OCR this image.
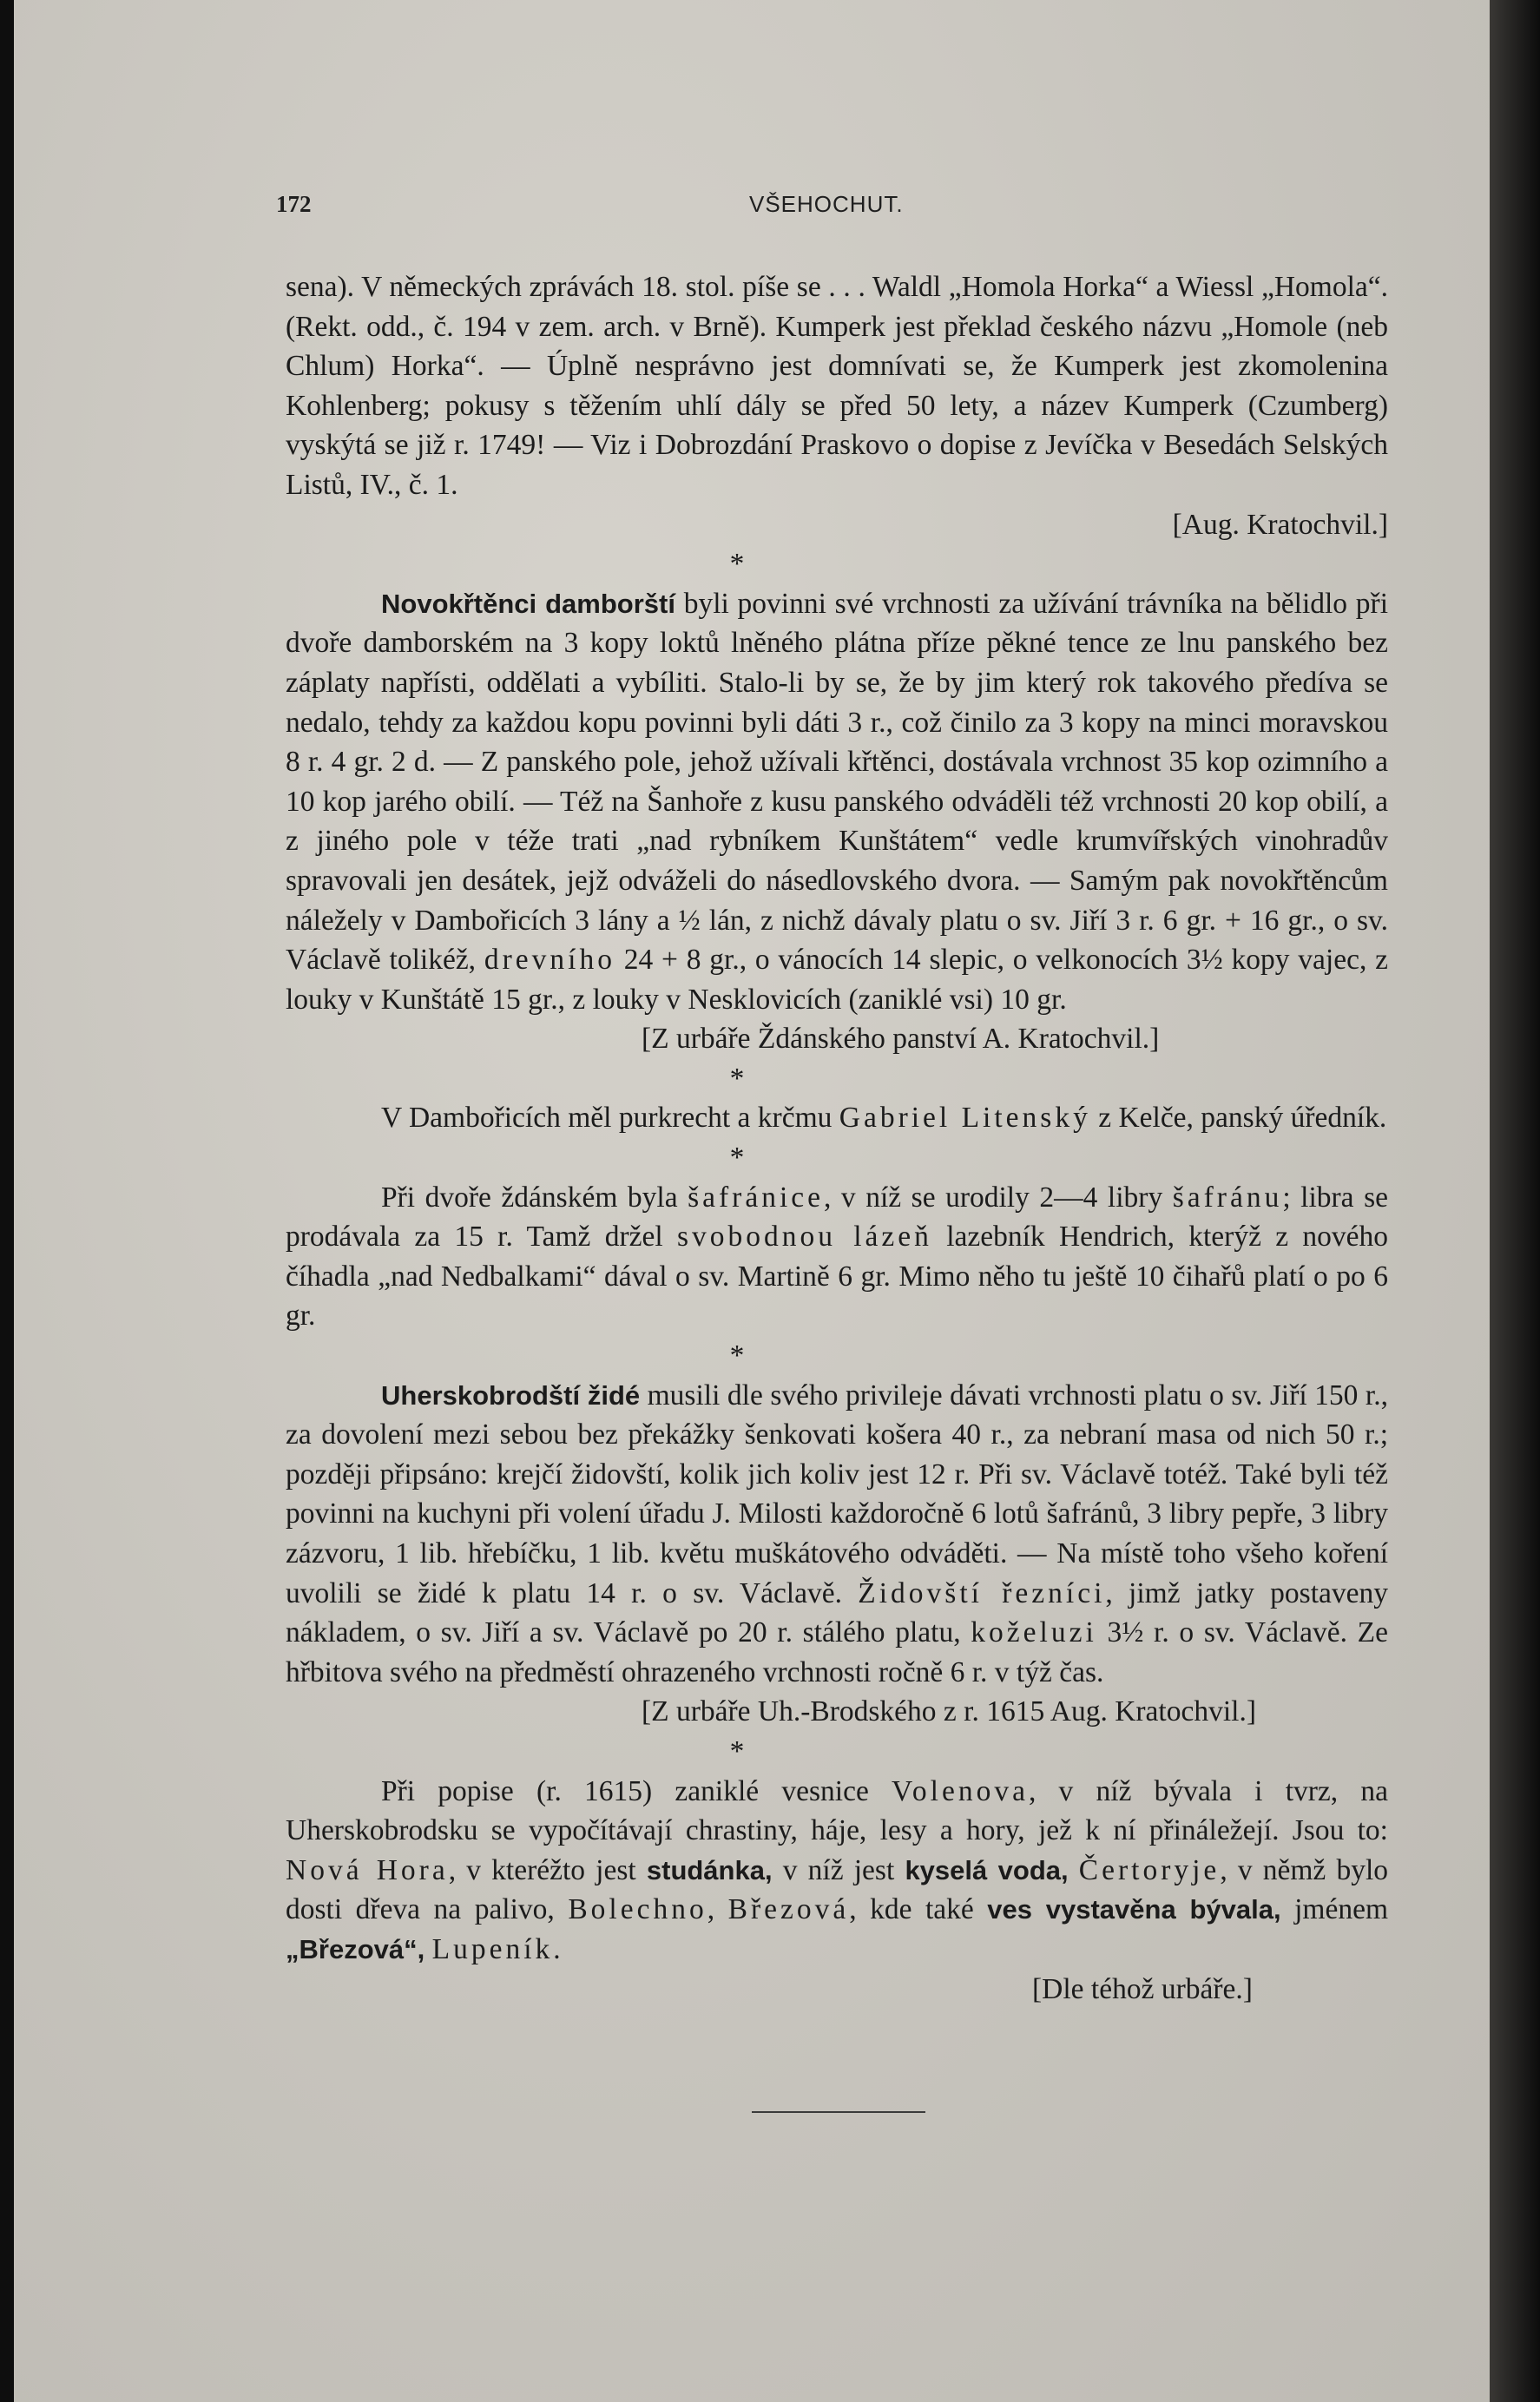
172	VŠEHOCHUT.

sena). V německých zprávách 18. stol. píše se . . . Waldl „Homola Horka“ a Wiessl „Homola“. (Rekt. odd., č. 194 v zem. arch. v Brně). Kumperk jest překlad českého názvu „Homole (neb Chlum) Horka“. — Úplně nesprávno jest domnívati se, že Kumperk jest zkomolenina Kohlenberg; pokusy s těžením uhlí dály se před 50 lety, a název Kumperk (Czumberg) vyskýtá se již r. 1749! — Viz i Dobrozdání Praskovo o dopise z Jevíčka v Besedách Selských Listů, IV., č. 1.

[Aug. Kratochvil.]

*

Novokřtěnci damborští byli povinni své vrchnosti za užívání trávníka na bělidlo při dvoře damborském na 3 kopy loktů lněného plátna příze pěkné tence ze lnu panského bez záplaty napřísti, oddělati a vybíliti. Stalo-li by se, že by jim který rok takového předíva se nedalo, tehdy za každou kopu povinni byli dáti 3 r., což činilo za 3 kopy na minci moravskou 8 r. 4 gr. 2 d. — Z panského pole, jehož užívali křtěnci, dostávala vrchnost 35 kop ozimního a 10 kop jarého obilí. — Též na Šanhoře z kusu panského odváděli též vrchnosti 20 kop obilí, a z jiného pole v téže trati „nad rybníkem Kunštátem“ vedle krumvířských vinohradův spravovali jen desátek, jejž odváželi do násedlovského dvora. — Samým pak novokřtěncům náležely v Dambořicích 3 lány a ½ lán, z nichž dávaly platu o sv. Jiří 3 r. 6 gr. + 16 gr., o sv. Václavě tolikéž, drevního 24 + 8 gr., o vánocích 14 slepic, o velkonocích 3½ kopy vajec, z louky v Kunštátě 15 gr., z louky v Nesklovicích (zaniklé vsi) 10 gr.

[Z urbáře Ždánského panství A. Kratochvil.]

*

V Dambořicích měl purkrecht a krčmu Gabriel Litenský z Kelče, panský úředník.

*

Při dvoře ždánském byla šafránice, v níž se urodily 2—4 libry šafránu; libra se prodávala za 15 r. Tamž držel svobodnou lázeň lazebník Hendrich, kterýž z nového číhadla „nad Nedbalkami“ dával o sv. Martině 6 gr. Mimo něho tu ještě 10 čihařů platí o po 6 gr.

*

Uherskobrodští židé musili dle svého privileje dávati vrchnosti platu o sv. Jiří 150 r., za dovolení mezi sebou bez překážky šenkovati košera 40 r., za nebraní masa od nich 50 r.; později připsáno: krejčí židovští, kolik jich koliv jest 12 r. Při sv. Václavě totéž. Také byli též povinni na kuchyni při volení úřadu J. Milosti každoročně 6 lotů šafránů, 3 libry pepře, 3 libry zázvoru, 1 lib. hřebíčku, 1 lib. květu muškátového odváděti. — Na místě toho všeho koření uvolili se židé k platu 14 r. o sv. Václavě. Židovští řezníci, jimž jatky postaveny nákladem, o sv. Jiří a sv. Václavě po 20 r. stálého platu, koželuzi 3½ r. o sv. Václavě. Ze hřbitova svého na předměstí ohrazeného vrchnosti ročně 6 r. v týž čas.

[Z urbáře Uh.-Brodského z r. 1615 Aug. Kratochvil.]

*

Při popise (r. 1615) zaniklé vesnice Volenova, v níž bývala i tvrz, na Uherskobrodsku se vypočítávají chrastiny, háje, lesy a hory, jež k ní přináležejí. Jsou to: Nová Hora, v kteréžto jest studánka, v níž jest kyselá voda, Čertoryje, v němž bylo dosti dřeva na palivo, Bolechno, Březová, kde také ves vystavěna bývala, jménem „Březová“, Lupeník.

[Dle téhož urbáře.]
